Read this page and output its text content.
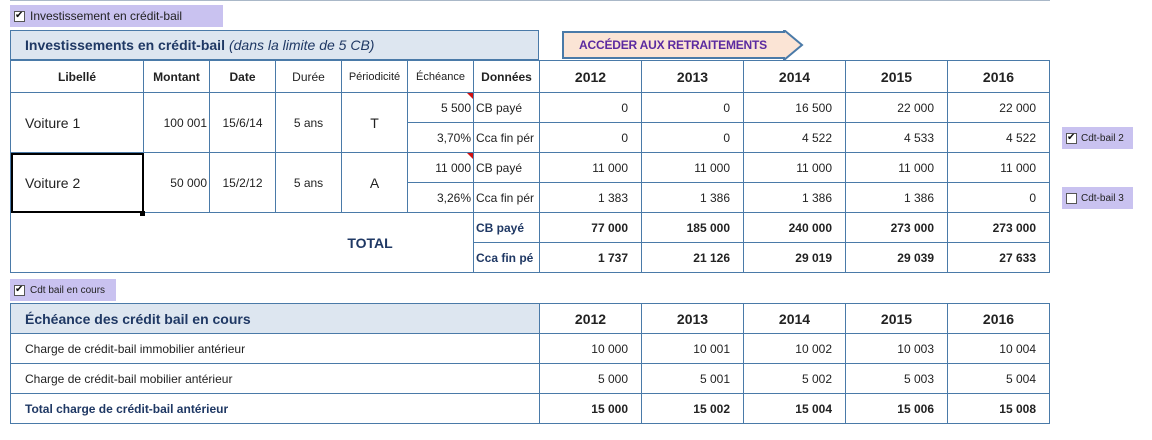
✔
Investissement en crédit-bail
Investissements en crédit-bail (dans la limite de 5 CB)	ACCÉDER AUX RETRAITEMENTS
Libellé	Montant	Date	Durée	Périodicité	Échéance	Données	2012	2013	2014	2015	2016
Voiture 1	100 001	15/6/14	5 ans	T	5 500	CB payé	0	0	16 500	22 000	22 000
					3,70%	Cca fin pér	0	0	4 522	4 533	4 522
Voiture 2	50 000	15/2/12	5 ans	A	11 000	CB payé	11 000	11 000	11 000	11 000	11 000
					3,26%	Cca fin pér	1 383	1 386	1 386	1 386	0
TOTAL						CB payé	77 000	185 000	240 000	273 000	273 000
						Cca fin pé	1 737	21 126	29 019	29 039	27 633
✔
Cdt-bail 2
Cdt-bail 3
✔
Cdt bail en cours
Échéance des crédit bail en cours	2012	2013	2014	2015	2016
Charge de crédit-bail immobilier antérieur	10 000	10 001	10 002	10 003	10 004
Charge de crédit-bail mobilier antérieur	5 000	5 001	5 002	5 003	5 004
Total charge de crédit-bail antérieur	15 000	15 002	15 004	15 006	15 008
